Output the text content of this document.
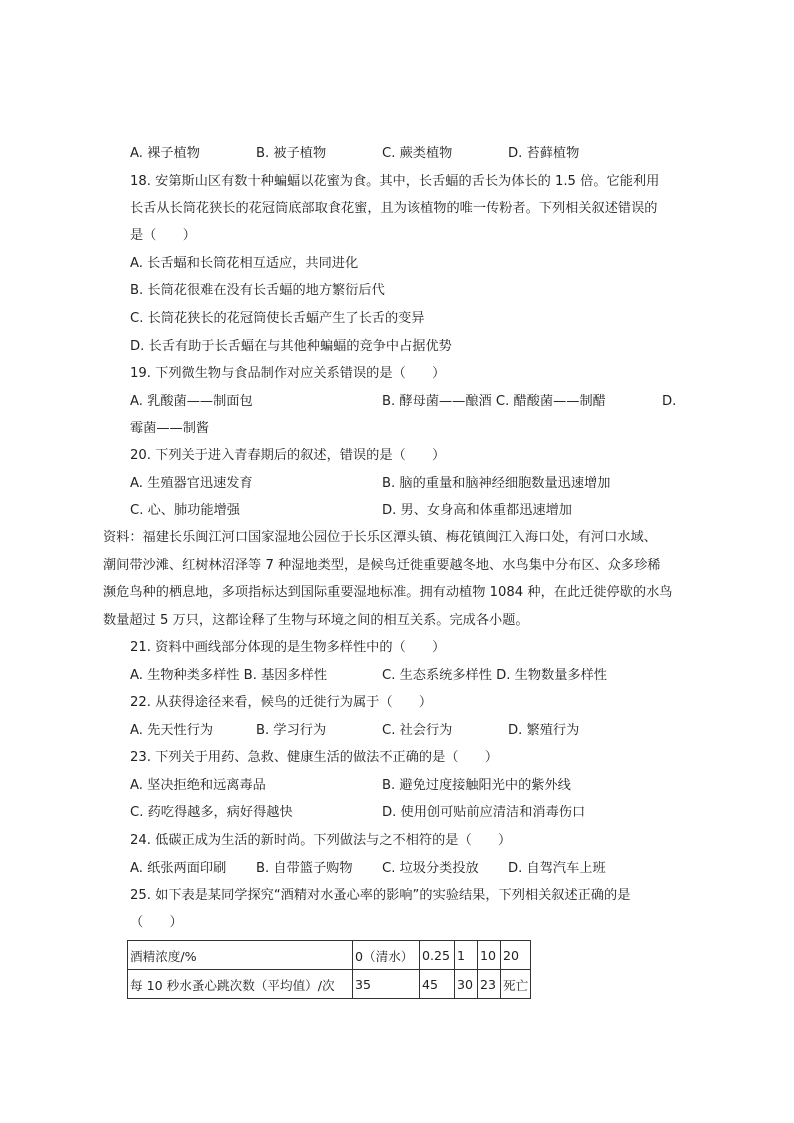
A. 裸子植物	B. 被子植物	C. 蕨类植物	D. 苔藓植物
18. 安第斯山区有数十种蝙蝠以花蜜为食。其中，长舌蝠的舌长为体长的 1.5 倍。它能利用
长舌从长筒花狭长的花冠筒底部取食花蜜，且为该植物的唯一传粉者。下列相关叙述错误的
是（　　）
A. 长舌蝠和长筒花相互适应，共同进化
B. 长筒花很难在没有长舌蝠的地方繁衍后代
C. 长筒花狭长的花冠筒使长舌蝠产生了长舌的变异
D. 长舌有助于长舌蝠在与其他种蝙蝠的竞争中占据优势
19. 下列微生物与食品制作对应关系错误的是（　　）
A. 乳酸菌——制面包	B. 酵母菌——酿酒 C. 醋酸菌——制醋	D.
霉菌——制酱
20. 下列关于进入青春期后的叙述，错误的是（　　）
A. 生殖器官迅速发育	B. 脑的重量和脑神经细胞数量迅速增加
C. 心、肺功能增强	D. 男、女身高和体重都迅速增加
资料：福建长乐闽江河口国家湿地公园位于长乐区潭头镇、梅花镇闽江入海口处，有河口水域、
潮间带沙滩、红树林沼泽等 7 种湿地类型，是候鸟迁徙重要越冬地、水鸟集中分布区、众多珍稀
濒危鸟种的栖息地，多项指标达到国际重要湿地标准。拥有动植物 1084 种，在此迁徙停歇的水鸟
数量超过 5 万只，这都诠释了生物与环境之间的相互关系。完成各小题。
21. 资料中画线部分体现的是生物多样性中的（　　）
A. 生物种类多样性 B. 基因多样性	C. 生态系统多样性 D. 生物数量多样性
22. 从获得途径来看，候鸟的迁徙行为属于（　　）
A. 先天性行为	B. 学习行为	C. 社会行为	D. 繁殖行为
23. 下列关于用药、急救、健康生活的做法不正确的是（　　）
A. 坚决拒绝和远离毒品	B. 避免过度接触阳光中的紫外线
C. 药吃得越多，病好得越快	D. 使用创可贴前应清洁和消毒伤口
24. 低碳正成为生活的新时尚。下列做法与之不相符的是（　　）
A. 纸张两面印刷 B. 自带篮子购物 C. 垃圾分类投放 D. 自驾汽车上班
25. 如下表是某同学探究“酒精对水蚤心率的影响”的实验结果，下列相关叙述正确的是
（　　）
酒精浓度/%	0（清水）	0.25	1	10	20
每 10 秒水蚤心跳次数（平均值）/次	35	45	30	23	死亡
